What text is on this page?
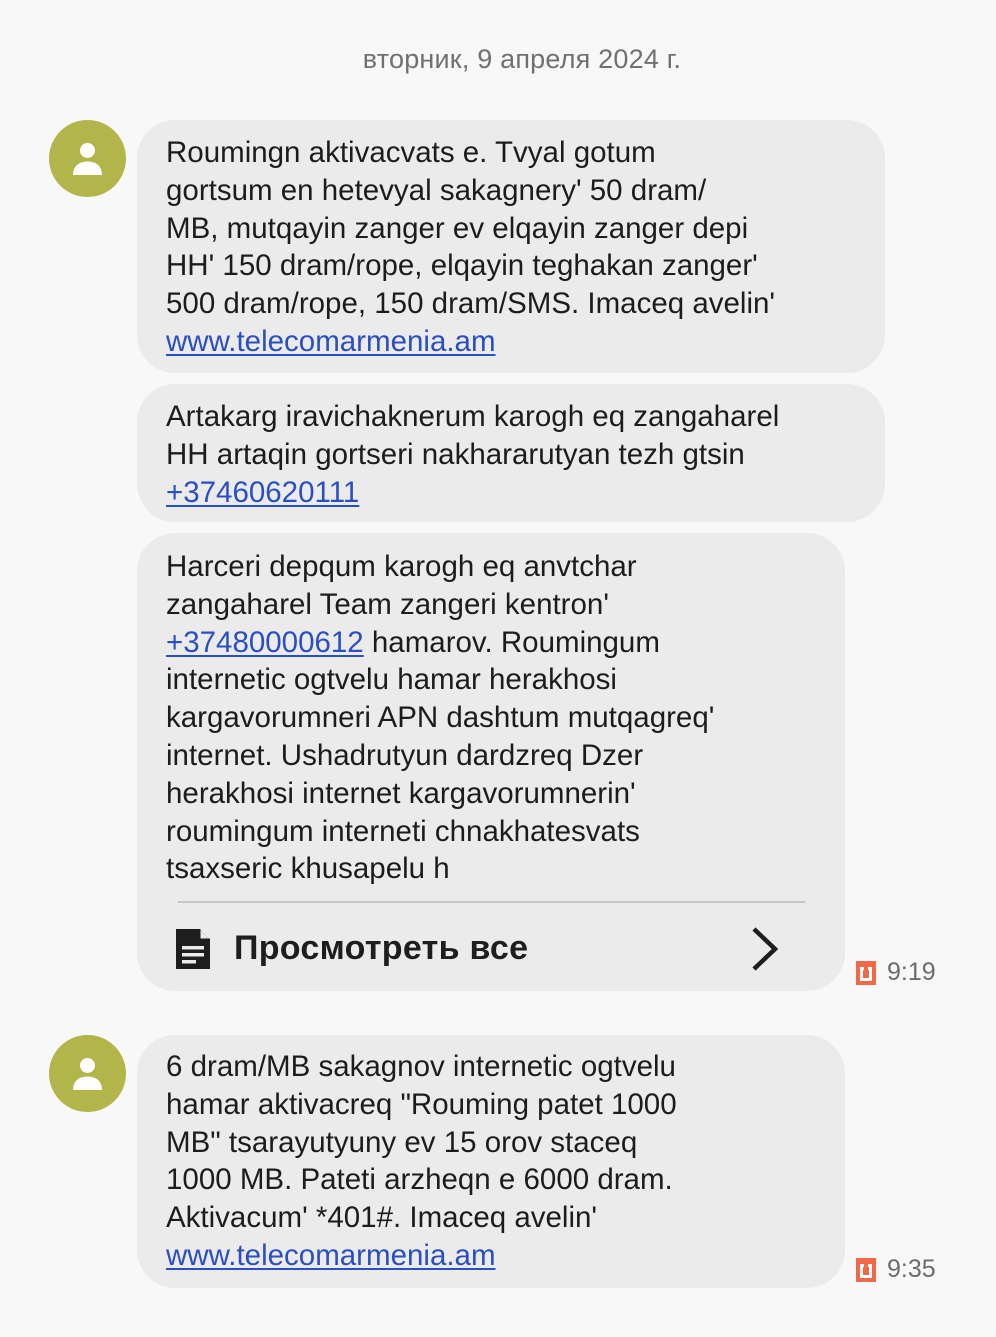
вторник, 9 апреля 2024 г.

Roumingn aktivacvats e. Tvyal gotum
gortsum en hetevyal sakagnery' 50 dram/
MB, mutqayin zanger ev elqayin zanger depi
HH' 150 dram/rope, elqayin teghakan zanger'
500 dram/rope, 150 dram/SMS. Imaceq avelin'

www.telecomarmenia.am

Artakarg iravichaknerum karogh eq zangaharel
HH artaqin gortseri nakhararutyan tezh gtsin

+37460620111

Harceri depqum karogh eq anvtchar
zangaharel Team zangeri kentron'
+37480000612 hamarov. Roumingum
internetic ogtvelu hamar herakhosi
kargavorumneri APN dashtum mutqagreq'
internet. Ushadrutyun dardzreq Dzer
herakhosi internet kargavorumnerin'
roumingum interneti chnakhatesvats
tsaxseric khusapelu h

Просмотреть все
9:19

6 dram/MB sakagnov internetic ogtvelu
hamar aktivacreq "Rouming patet 1000
MB" tsarayutyuny ev 15 orov staceq
1000 MB. Pateti arzheqn e 6000 dram.
Aktivacum' *401#. Imaceq avelin'

www.telecomarmenia.am	9:35
